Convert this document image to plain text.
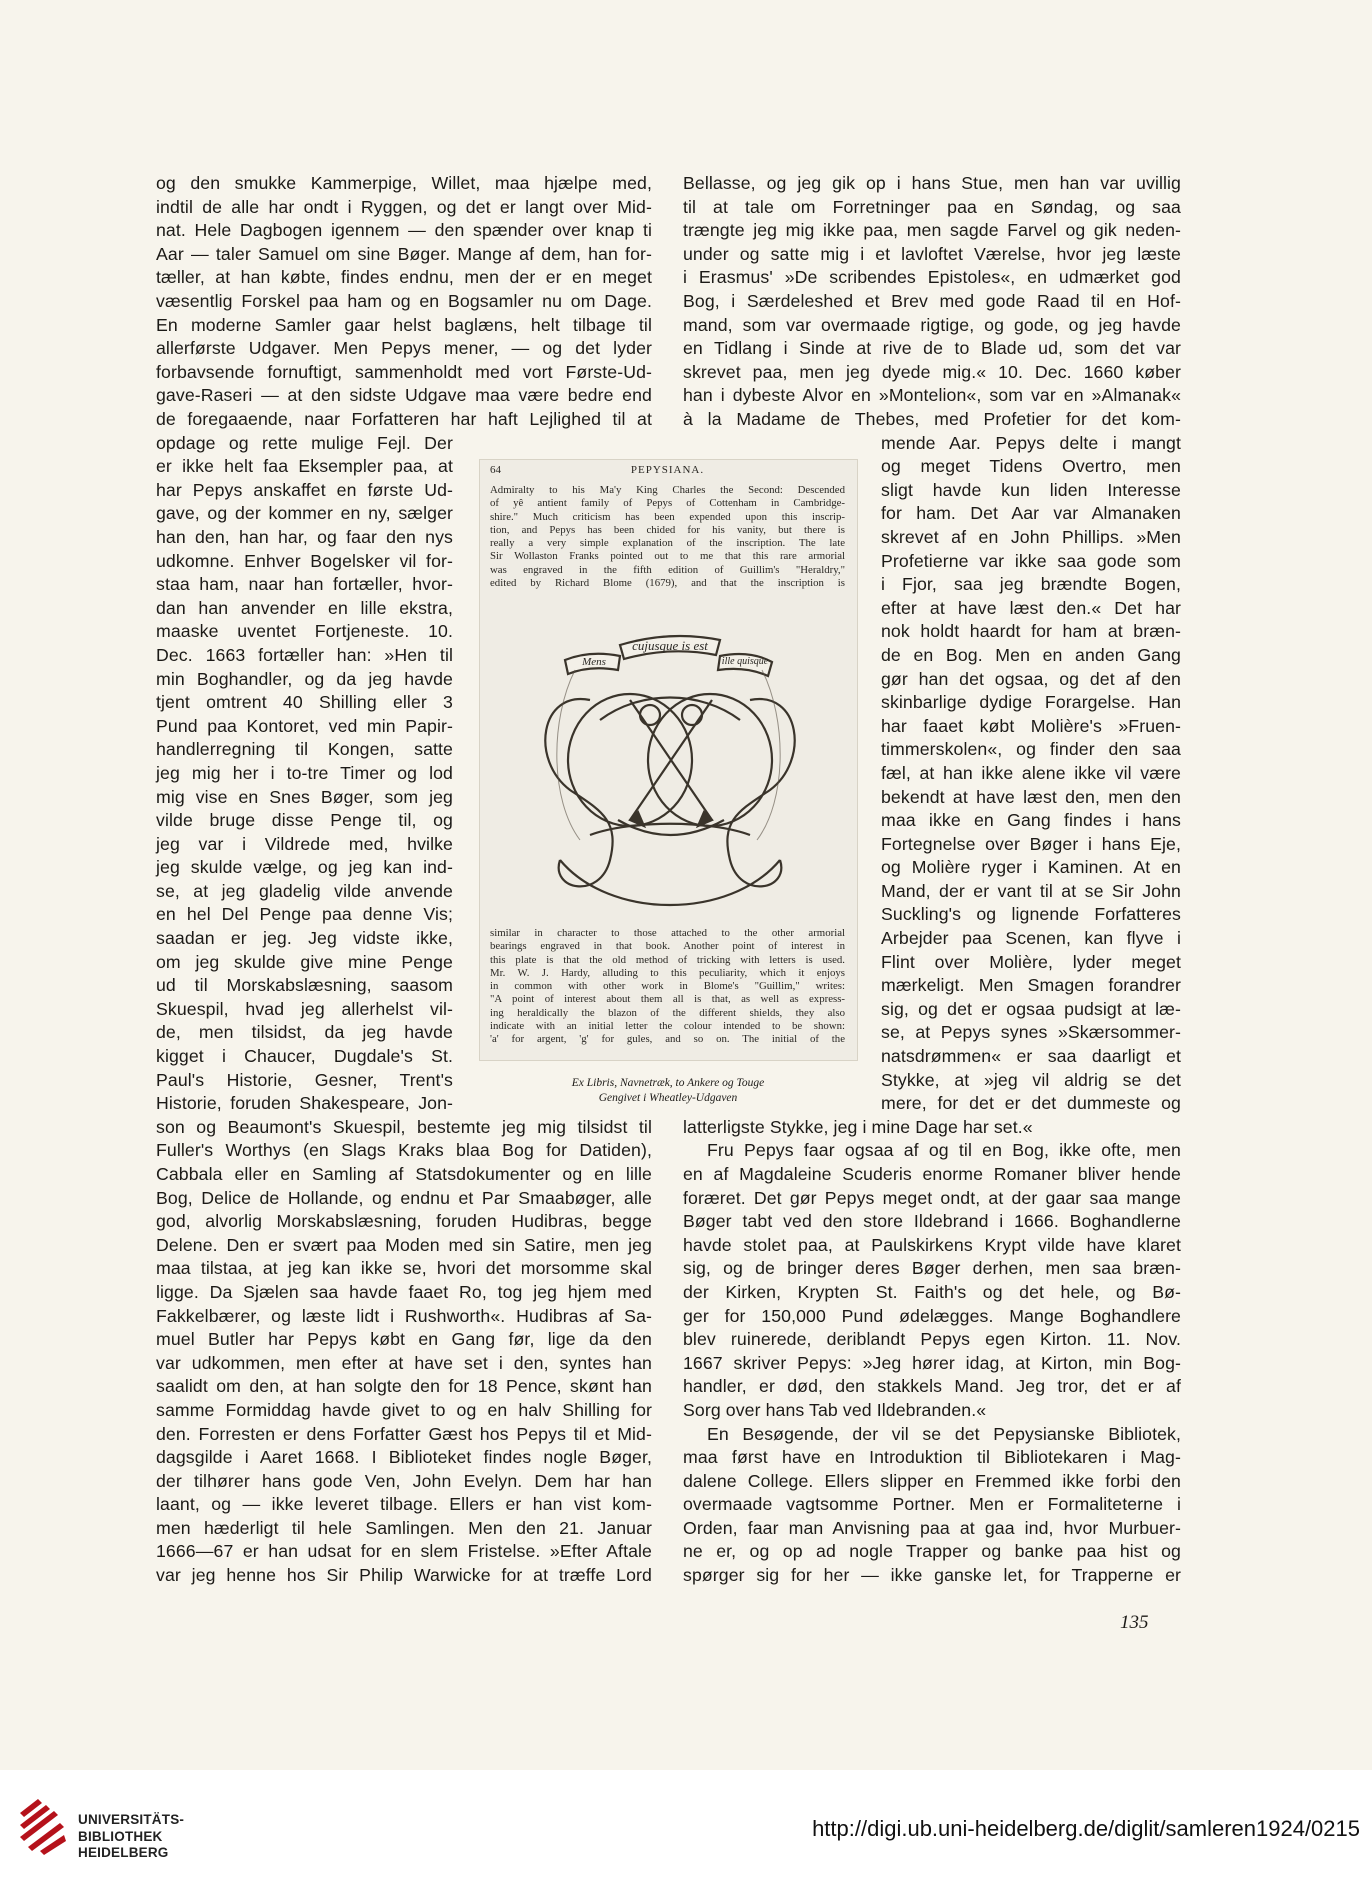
og den smukke Kammerpige, Willet, maa hjælpe med,
indtil de alle har ondt i Ryggen, og det er langt over Mid-
nat. Hele Dagbogen igennem — den spænder over knap ti
Aar — taler Samuel om sine Bøger. Mange af dem, han for-
tæller, at han købte, findes endnu, men der er en meget
væsentlig Forskel paa ham og en Bogsamler nu om Dage.
En moderne Samler gaar helst baglæns, helt tilbage til
allerførste Udgaver. Men Pepys mener, — og det lyder
forbavsende fornuftigt, sammenholdt med vort Første-Ud-
gave-Raseri — at den sidste Udgave maa være bedre end
de foregaaende, naar Forfatteren har haft Lejlighed til at
opdage og rette mulige Fejl. Der
er ikke helt faa Eksempler paa, at
har Pepys anskaffet en første Ud-
gave, og der kommer en ny, sælger
han den, han har, og faar den nys
udkomne. Enhver Bogelsker vil for-
staa ham, naar han fortæller, hvor-
dan han anvender en lille ekstra,
maaske uventet Fortjeneste. 10.
Dec. 1663 fortæller han: »Hen til
min Boghandler, og da jeg havde
tjent omtrent 40 Shilling eller 3
Pund paa Kontoret, ved min Papir-
handlerregning til Kongen, satte
jeg mig her i to-tre Timer og lod
mig vise en Snes Bøger, som jeg
vilde bruge disse Penge til, og
jeg var i Vildrede med, hvilke
jeg skulde vælge, og jeg kan ind-
se, at jeg gladelig vilde anvende
en hel Del Penge paa denne Vis;
saadan er jeg. Jeg vidste ikke,
om jeg skulde give mine Penge
ud til Morskabslæsning, saasom
Skuespil, hvad jeg allerhelst vil-
de, men tilsidst, da jeg havde
kigget i Chaucer, Dugdale's St.
Paul's Historie, Gesner, Trent's
Historie, foruden Shakespeare, Jon-
son og Beaumont's Skuespil, bestemte jeg mig tilsidst til
Fuller's Worthys (en Slags Kraks blaa Bog for Datiden),
Cabbala eller en Samling af Statsdokumenter og en lille
Bog, Delice de Hollande, og endnu et Par Smaabøger, alle
god, alvorlig Morskabslæsning, foruden Hudibras, begge
Delene. Den er svært paa Moden med sin Satire, men jeg
maa tilstaa, at jeg kan ikke se, hvori det morsomme skal
ligge. Da Sjælen saa havde faaet Ro, tog jeg hjem med
Fakkelbærer, og læste lidt i Rushworth«. Hudibras af Sa-
muel Butler har Pepys købt en Gang før, lige da den
var udkommen, men efter at have set i den, syntes han
saalidt om den, at han solgte den for 18 Pence, skønt han
samme Formiddag havde givet to og en halv Shilling for
den. Forresten er dens Forfatter Gæst hos Pepys til et Mid-
dagsgilde i Aaret 1668. I Biblioteket findes nogle Bøger,
der tilhører hans gode Ven, John Evelyn. Dem har han
laant, og — ikke leveret tilbage. Ellers er han vist kom-
men hæderligt til hele Samlingen. Men den 21. Januar
1666—67 er han udsat for en slem Fristelse. »Efter Aftale
var jeg henne hos Sir Philip Warwicke for at træffe Lord
Bellasse, og jeg gik op i hans Stue, men han var uvillig
til at tale om Forretninger paa en Søndag, og saa
trængte jeg mig ikke paa, men sagde Farvel og gik neden-
under og satte mig i et lavloftet Værelse, hvor jeg læste
i Erasmus' »De scribendes Epistoles«, en udmærket god
Bog, i Særdeleshed et Brev med gode Raad til en Hof-
mand, som var overmaade rigtige, og gode, og jeg havde
en Tidlang i Sinde at rive de to Blade ud, som det var
skrevet paa, men jeg dyede mig.« 10. Dec. 1660 køber
han i dybeste Alvor en »Montelion«, som var en »Almanak«
à la Madame de Thebes, med Profetier for det kom-
mende Aar. Pepys delte i mangt
og meget Tidens Overtro, men
sligt havde kun liden Interesse
for ham. Det Aar var Almanaken
skrevet af en John Phillips. »Men
Profetierne var ikke saa gode som
i Fjor, saa jeg brændte Bogen,
efter at have læst den.« Det har
nok holdt haardt for ham at bræn-
de en Bog. Men en anden Gang
gør han det ogsaa, og det af den
skinbarlige dydige Forargelse. Han
har faaet købt Molière's »Fruen-
timmerskolen«, og finder den saa
fæl, at han ikke alene ikke vil være
bekendt at have læst den, men den
maa ikke en Gang findes i hans
Fortegnelse over Bøger i hans Eje,
og Molière ryger i Kaminen. At en
Mand, der er vant til at se Sir John
Suckling's og lignende Forfatteres
Arbejder paa Scenen, kan flyve i
Flint over Molière, lyder meget
mærkeligt. Men Smagen forandrer
sig, og det er ogsaa pudsigt at læ-
se, at Pepys synes »Skærsommer-
natsdrømmen« er saa daarligt et
Stykke, at »jeg vil aldrig se det
mere, for det er det dummeste og
latterligste Stykke, jeg i mine Dage har set.«
Fru Pepys faar ogsaa af og til en Bog, ikke ofte, men
en af Magdaleine Scuderis enorme Romaner bliver hende
foræret. Det gør Pepys meget ondt, at der gaar saa mange
Bøger tabt ved den store Ildebrand i 1666. Boghandlerne
havde stolet paa, at Paulskirkens Krypt vilde have klaret
sig, og de bringer deres Bøger derhen, men saa bræn-
der Kirken, Krypten St. Faith's og det hele, og Bø-
ger for 150,000 Pund ødelægges. Mange Boghandlere
blev ruinerede, deriblandt Pepys egen Kirton. 11. Nov.
1667 skriver Pepys: »Jeg hører idag, at Kirton, min Bog-
handler, er død, den stakkels Mand. Jeg tror, det er af
Sorg over hans Tab ved Ildebranden.«
En Besøgende, der vil se det Pepysianske Bibliotek,
maa først have en Introduktion til Bibliotekaren i Mag-
dalene College. Ellers slipper en Fremmed ikke forbi den
overmaade vagtsomme Portner. Men er Formaliteterne i
Orden, faar man Anvisning paa at gaa ind, hvor Murbuer-
ne er, og op ad nogle Trapper og banke paa hist og
spørger sig for her — ikke ganske let, for Trapperne er
64	PEPYSIANA.
Admiralty to his Ma'y King Charles the Second: Descended
of yê antient family of Pepys of Cottenham in Cambridge-
shire." Much criticism has been expended upon this inscrip-
tion, and Pepys has been chided for his vanity, but there is
really a very simple explanation of the inscription. The late
Sir Wollaston Franks pointed out to me that this rare armorial
was engraved in the fifth edition of Guillim's "Heraldry,"
edited by Richard Blome (1679), and that the inscription is
cujusque is est
Mens	ille quisque
similar in character to those attached to the other armorial
bearings engraved in that book. Another point of interest in
this plate is that the old method of tricking with letters is used.
Mr. W. J. Hardy, alluding to this peculiarity, which it enjoys
in common with other work in Blome's "Guillim," writes:
"A point of interest about them all is that, as well as express-
ing heraldically the blazon of the different shields, they also
indicate with an initial letter the colour intended to be shown:
'a' for argent, 'g' for gules, and so on. The initial of the
Ex Libris, Navnetræk, to Ankere og Touge
Gengivet i Wheatley-Udgaven
135
UNIVERSITÄTS-
BIBLIOTHEK
HEIDELBERG
http://digi.ub.uni-heidelberg.de/diglit/samleren1924/0215
